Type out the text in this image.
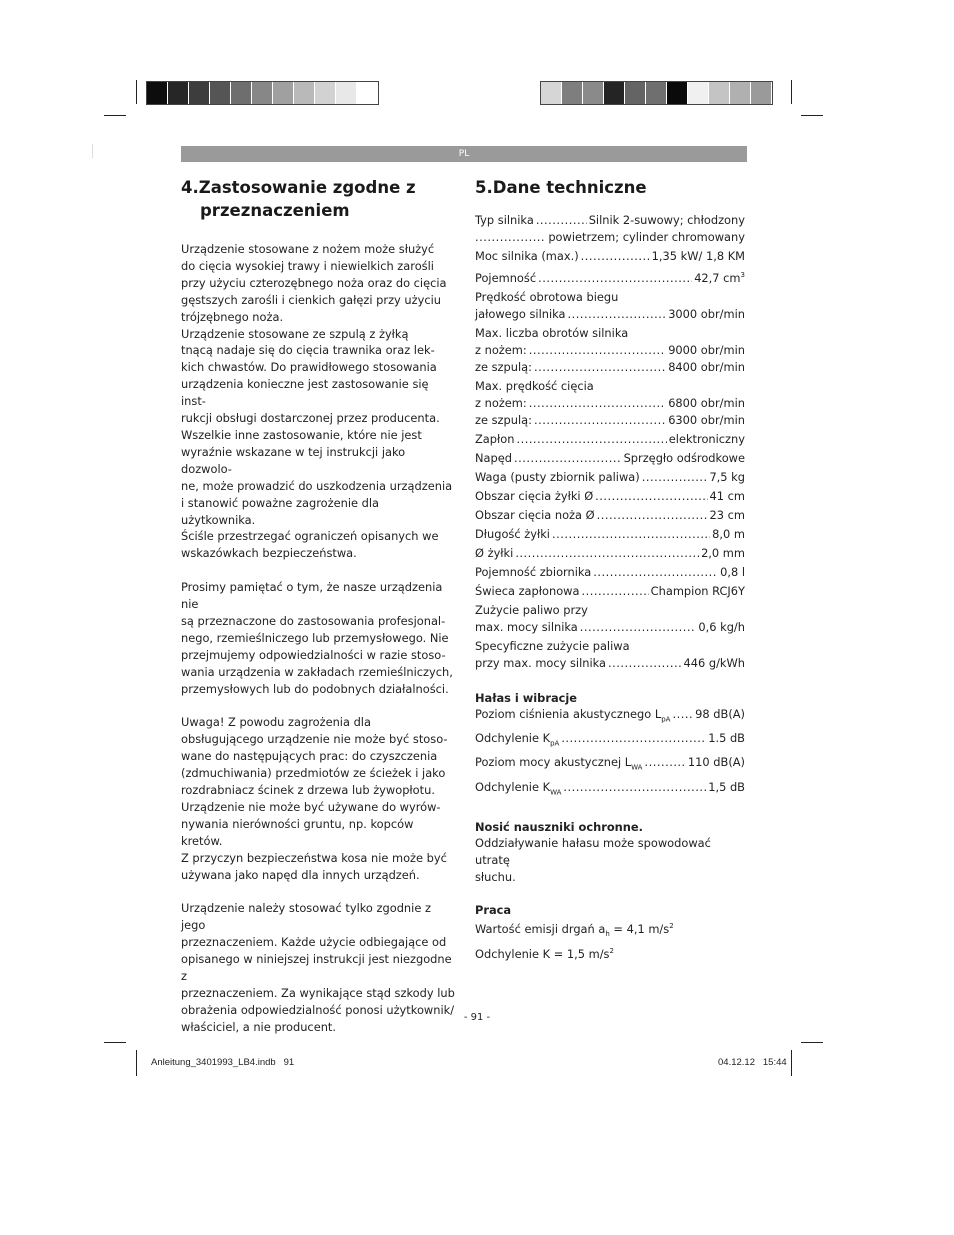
PL
4.Zastosowanie zgodne z
przeznaczeniem

Urządzenie stosowane z nożem może służyć
do cięcia wysokiej trawy i niewielkich zarośli
przy użyciu czterozębnego noża oraz do cięcia
gęstszych zarośli i cienkich gałęzi przy użyciu
trójzębnego noża.
Urządzenie stosowane ze szpulą z żyłką
tnącą nadaje się do cięcia trawnika oraz lek-
kich chwastów. Do prawidłowego stosowania
urządzenia konieczne jest zastosowanie się inst-
rukcji obsługi dostarczonej przez producenta.
Wszelkie inne zastosowanie, które nie jest
wyraźnie wskazane w tej instrukcji jako dozwolo-
ne, może prowadzić do uszkodzenia urządzenia
i stanowić poważne zagrożenie dla użytkownika.
Ściśle przestrzegać ograniczeń opisanych we
wskazówkach bezpieczeństwa.

Prosimy pamiętać o tym, że nasze urządzenia nie
są przeznaczone do zastosowania profesjonal-
nego, rzemieślniczego lub przemysłowego. Nie
przejmujemy odpowiedzialności w razie stoso-
wania urządzenia w zakładach rzemieślniczych,
przemysłowych lub do podobnych działalności.

Uwaga! Z powodu zagrożenia dla
obsługującego urządzenie nie może być stoso-
wane do następujących prac: do czyszczenia
(zdmuchiwania) przedmiotów ze ścieżek i jako
rozdrabniacz ścinek z drzewa lub żywopłotu.
Urządzenie nie może być używane do wyrów-
nywania nierówności gruntu, np. kopców kretów.
Z przyczyn bezpieczeństwa kosa nie może być
używana jako napęd dla innych urządzeń.

Urządzenie należy stosować tylko zgodnie z jego
przeznaczeniem. Każde użycie odbiegające od
opisanego w niniejszej instrukcji jest niezgodne z
przeznaczeniem. Za wynikające stąd szkody lub
obrażenia odpowiedzialność ponosi użytkownik/
właściciel, a nie producent.

5.Dane techniczne
Typ silnika .....	Silnik 2-suwowy; chłodzony
.....
powietrzem; cylinder chromowany
Moc silnika (max.) .....	1,35 kW/ 1,8 KM
Pojemność .....	42,7 $cm^3$
Prędkość obrotowa biegu
jałowego silnika .....	3000 obr/min
Max. liczba obrotów silnika
z nożem: .....	9000 obr/min
ze szpulą: .....	8400 obr/min
Max. prędkość cięcia
z nożem: .....	6800 obr/min
ze szpulą: .....	6300 obr/min
Zapłon .....	elektroniczny
Napęd .....	Sprzęgło odśrodkowe
Waga (pusty zbiornik paliwa) .....	7,5 kg
Obszar cięcia żyłki Ø .....	41 cm
Obszar cięcia noża Ø .....	23 cm
Długość żyłki .....	8,0 m
Ø żyłki .....	2,0 mm
Pojemność zbiornika .....	0,8 l
Świeca zapłonowa .....	Champion RCJ6Y
Zużycie paliwo przy
max. mocy silnika .....	0,6 kg/h
Specyficzne zużycie paliwa
przy max. mocy silnika .....	446 g/kWh
Hałas i wibracje
Poziom ciśnienia akustycznego $L_{pA}$ ..... 98 dB(A)
Odchylenie $K_{pA}$ .....	1.5 dB
Poziom mocy akustycznej $L_{WA}$ .....	110 dB(A)
Odchylenie $K_{WA}$ .....	1,5 dB
Nosić nauszniki ochronne.
Oddziaływanie hałasu może spowodować utratę
słuchu.
Praca
Wartość emisji drgań $a_h = 4,1$ $m/s^2$
Odchylenie K = 1,5 $m/s^2$
- 91 -
Anleitung_3401993_LB4.indb   91	04.12.12   15:44
